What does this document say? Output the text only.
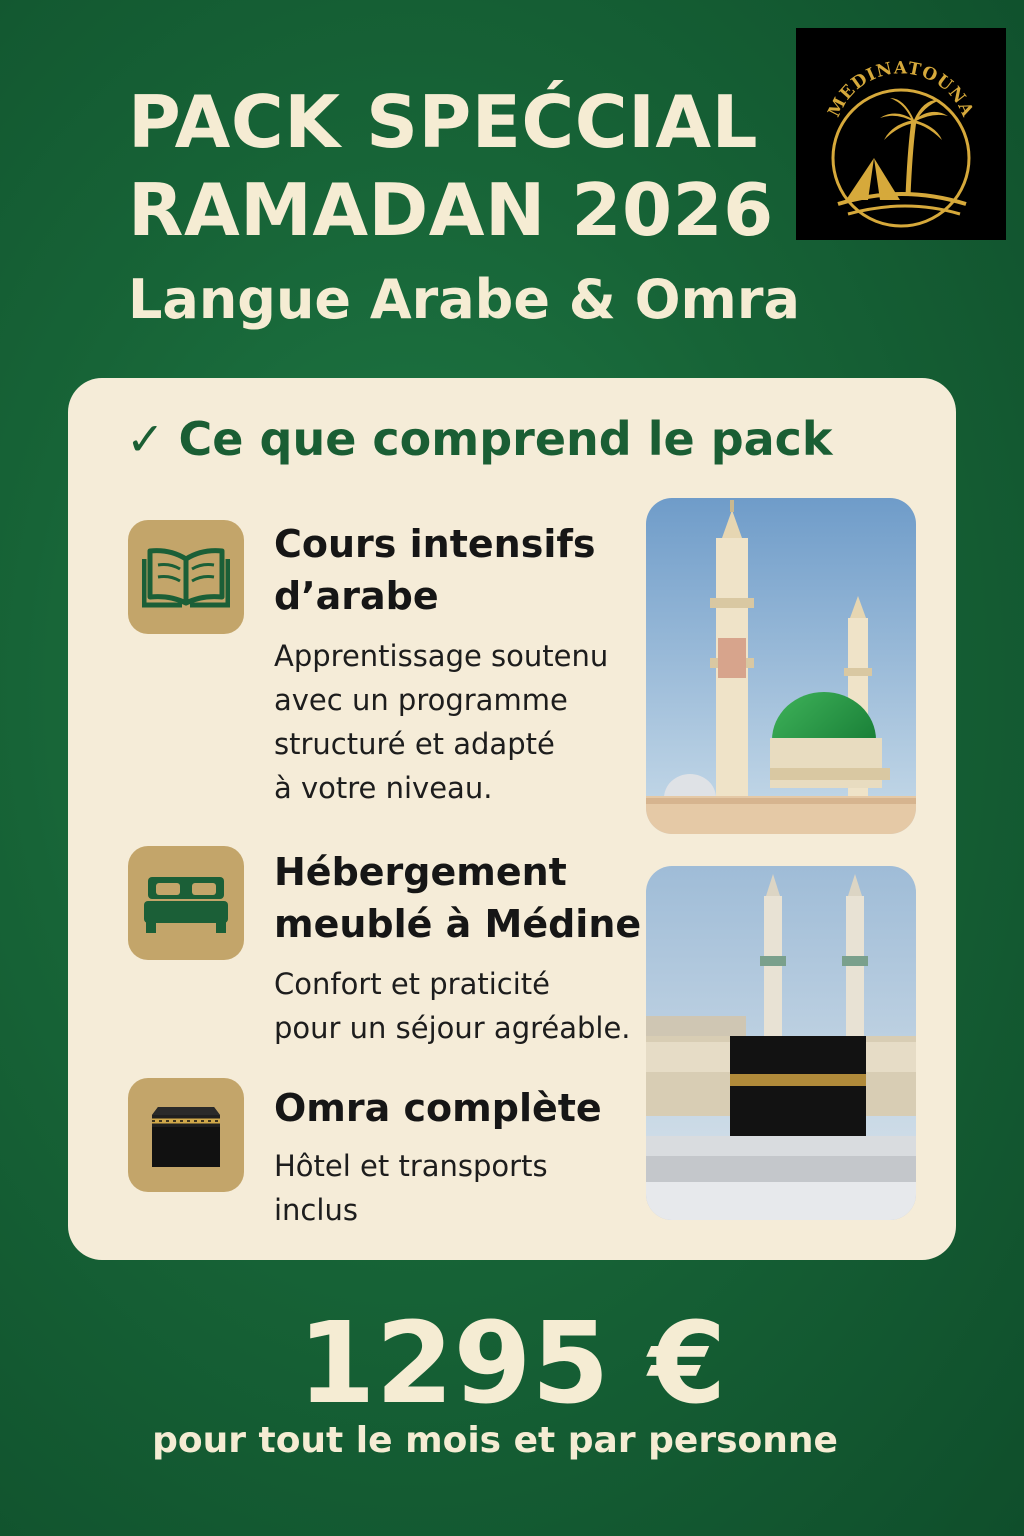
PACK SPEĆCIAL
RAMADAN 2026
Langue Arabe & Omra
MEDINATOUNA
✓ Ce que comprend le pack
Cours intensifs
d’arabe
Apprentissage soutenu
avec un programme
structuré et adapté
à votre niveau.
Hébergement
meublé à Médine
Confort et praticité
pour un séjour agréable.
Omra complète
Hôtel et transports
inclus
1295 €
pour tout le mois et par personne
